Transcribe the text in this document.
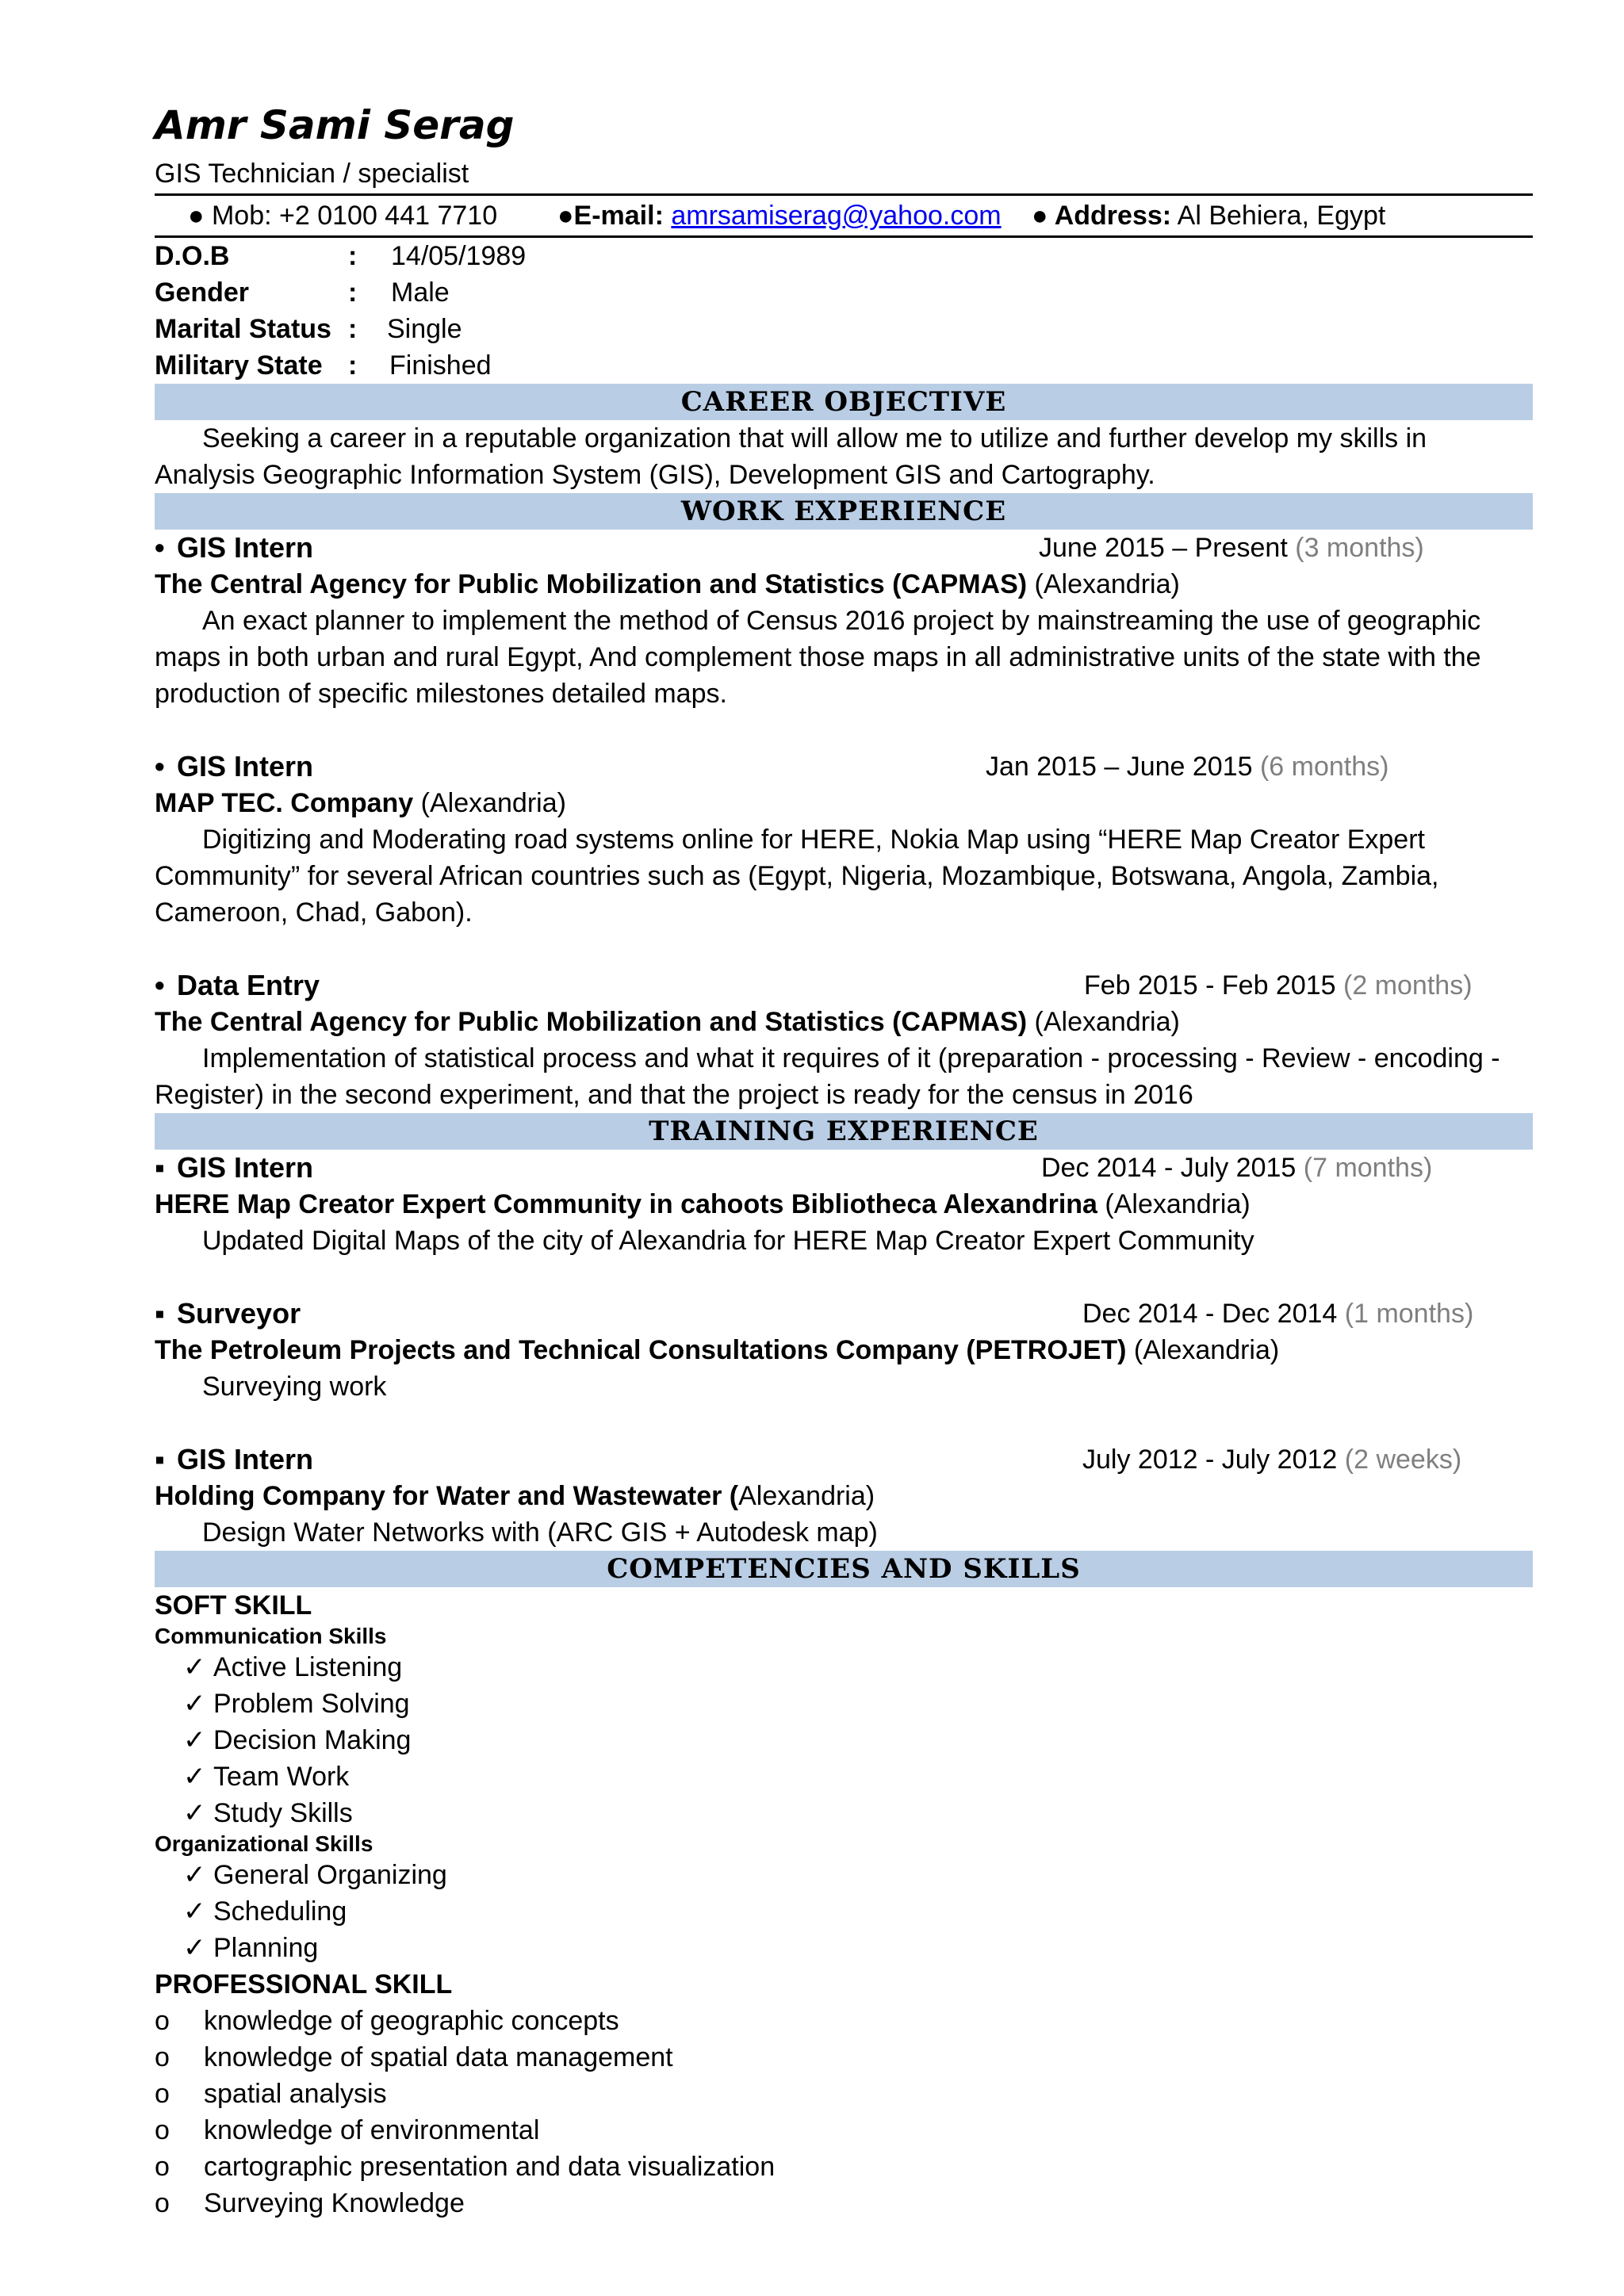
Amr Sami Serag
GIS Technician / specialist
● Mob: +2 0100 441 7710 ●E-mail: amrsamiserag@yahoo.com ● Address: Al Behiera, Egypt
D.O.B	: 14/05/1989
Gender	: Male
Marital Status : Single
Military State : Finished
CAREER OBJECTIVE

Seeking a career in a reputable organization that will allow me to utilize and further develop my skills in Analysis Geographic Information System (GIS), Development GIS and Cartography.

WORK EXPERIENCE
• GIS Intern	June 2015 – Present (3 months)
The Central Agency for Public Mobilization and Statistics (CAPMAS) (Alexandria)

An exact planner to implement the method of Census 2016 project by mainstreaming the use of geographic maps in both urban and rural Egypt, And complement those maps in all administrative units of the state with the production of specific milestones detailed maps.

• GIS Intern	Jan 2015 – June 2015 (6 months)
MAP TEC. Company (Alexandria)

Digitizing and Moderating road systems online for HERE, Nokia Map using “HERE Map Creator Expert Community” for several African countries such as (Egypt, Nigeria, Mozambique, Botswana, Angola, Zambia, Cameroon, Chad, Gabon).

• Data Entry	Feb 2015 - Feb 2015 (2 months)
The Central Agency for Public Mobilization and Statistics (CAPMAS) (Alexandria)

Implementation of statistical process and what it requires of it (preparation - processing - Review - encoding - Register) in the second experiment, and that the project is ready for the census in 2016

TRAINING EXPERIENCE
▪ GIS Intern	Dec 2014 - July 2015 (7 months)
HERE Map Creator Expert Community in cahoots Bibliotheca Alexandrina (Alexandria)

Updated Digital Maps of the city of Alexandria for HERE Map Creator Expert Community

▪ Surveyor	Dec 2014 - Dec 2014 (1 months)
The Petroleum Projects and Technical Consultations Company (PETROJET) (Alexandria)

Surveying work

▪ GIS Intern	July 2012 - July 2012 (2 weeks)
Holding Company for Water and Wastewater (Alexandria)

Design Water Networks with (ARC GIS + Autodesk map)

COMPETENCIES AND SKILLS
SOFT SKILL
Communication Skills
✓ Active Listening
✓ Problem Solving
✓ Decision Making
✓ Team Work
✓ Study Skills
Organizational Skills
✓ General Organizing
✓ Scheduling
✓ Planning
PROFESSIONAL SKILL
o knowledge of geographic concepts
o knowledge of spatial data management
o spatial analysis
o knowledge of environmental
o cartographic presentation and data visualization
o Surveying Knowledge
